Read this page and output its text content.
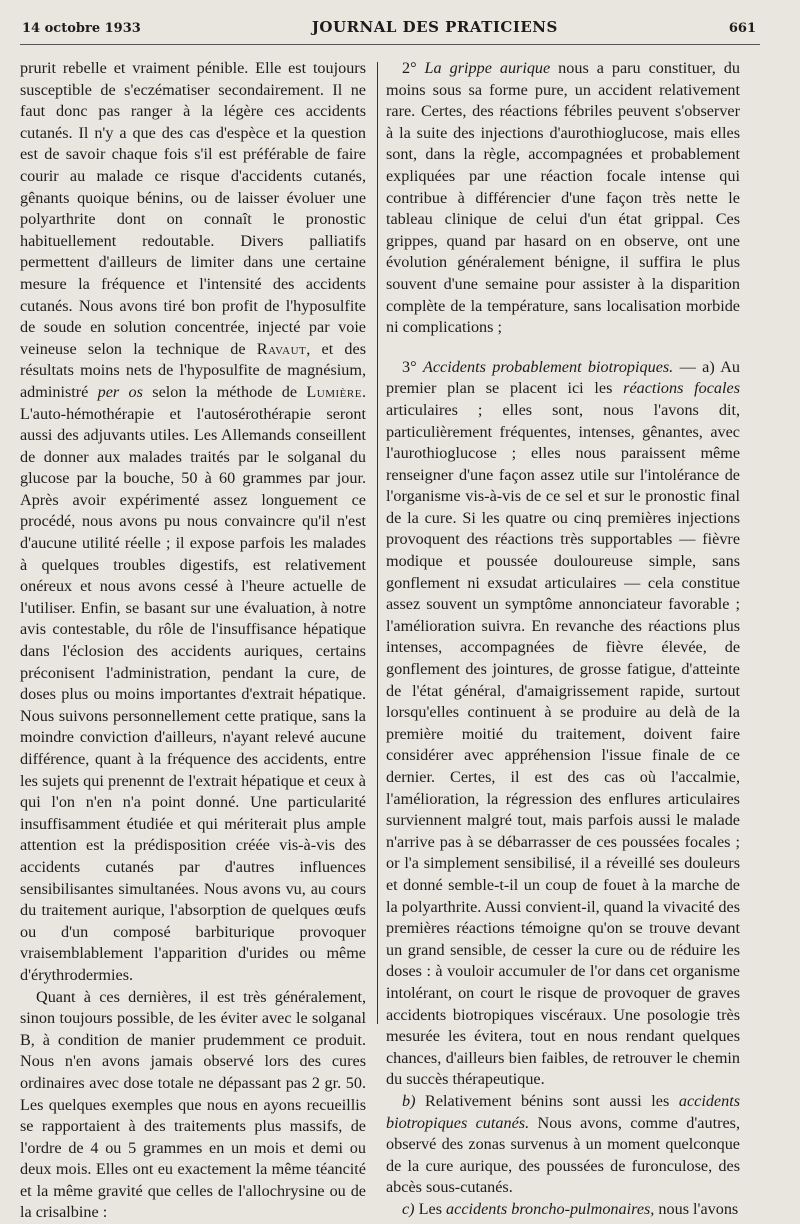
14 octobre 1933	JOURNAL DES PRATICIENS	661

prurit rebelle et vraiment pénible. Elle est toujours susceptible de s'eczématiser secondairement. Il ne faut donc pas ranger à la légère ces accidents cutanés. Il n'y a que des cas d'espèce et la question est de savoir chaque fois s'il est préférable de faire courir au malade ce risque d'accidents cutanés, gênants quoique bénins, ou de laisser évoluer une polyarthrite dont on connaît le pronostic habituellement redoutable. Divers palliatifs permettent d'ailleurs de limiter dans une certaine mesure la fréquence et l'intensité des accidents cutanés. Nous avons tiré bon profit de l'hyposulfite de soude en solution concentrée, injecté par voie veineuse selon la technique de Ravaut, et des résultats moins nets de l'hyposulfite de magnésium, administré per os selon la méthode de Lumière. L'auto-hémothérapie et l'autosérothérapie seront aussi des adjuvants utiles. Les Allemands conseillent de donner aux malades traités par le solganal du glucose par la bouche, 50 à 60 grammes par jour. Après avoir expérimenté assez longuement ce procédé, nous avons pu nous convaincre qu'il n'est d'aucune utilité réelle ; il expose parfois les malades à quelques troubles digestifs, est relativement onéreux et nous avons cessé à l'heure actuelle de l'utiliser. Enfin, se basant sur une évaluation, à notre avis contestable, du rôle de l'insuffisance hépatique dans l'éclosion des accidents auriques, certains préconisent l'administration, pendant la cure, de doses plus ou moins importantes d'extrait hépatique. Nous suivons personnellement cette pratique, sans la moindre conviction d'ailleurs, n'ayant relevé aucune différence, quant à la fréquence des accidents, entre les sujets qui prenennt de l'extrait hépatique et ceux à qui l'on n'en n'a point donné. Une particularité insuffisamment étudiée et qui mériterait plus ample attention est la prédisposition créée vis-à-vis des accidents cutanés par d'autres influences sensibilisantes simultanées. Nous avons vu, au cours du traitement aurique, l'absorption de quelques œufs ou d'un composé barbiturique provoquer vraisemblablement l'apparition d'urides ou même d'érythrodermies.

Quant à ces dernières, il est très généralement, sinon toujours possible, de les éviter avec le solganal B, à condition de manier prudemment ce produit. Nous n'en avons jamais observé lors des cures ordinaires avec dose totale ne dépassant pas 2 gr. 50. Les quelques exemples que nous en ayons recueillis se rapportaient à des traitements plus massifs, de l'ordre de 4 ou 5 grammes en un mois et demi ou deux mois. Elles ont eu exactement la même téancité et la même gravité que celles de l'allochrysine ou de la crisalbine :

2° La grippe aurique nous a paru constituer, du moins sous sa forme pure, un accident relativement rare. Certes, des réactions fébriles peuvent s'observer à la suite des injections d'aurothioglucose, mais elles sont, dans la règle, accompagnées et probablement expliquées par une réaction focale intense qui contribue à différencier d'une façon très nette le tableau clinique de celui d'un état grippal. Ces grippes, quand par hasard on en observe, ont une évolution généralement bénigne, il suffira le plus souvent d'une semaine pour assister à la disparition complète de la température, sans localisation morbide ni complications ;

3° Accidents probablement biotropiques. — a) Au premier plan se placent ici les réactions focales articulaires ; elles sont, nous l'avons dit, particulièrement fréquentes, intenses, gênantes, avec l'aurothioglucose ; elles nous paraissent même renseigner d'une façon assez utile sur l'intolérance de l'organisme vis-à-vis de ce sel et sur le pronostic final de la cure. Si les quatre ou cinq premières injections provoquent des réactions très supportables — fièvre modique et poussée douloureuse simple, sans gonflement ni exsudat articulaires — cela constitue assez souvent un symptôme annonciateur favorable ; l'amélioration suivra. En revanche des réactions plus intenses, accompagnées de fièvre élevée, de gonflement des jointures, de grosse fatigue, d'atteinte de l'état général, d'amaigrissement rapide, surtout lorsqu'elles continuent à se produire au delà de la première moitié du traitement, doivent faire considérer avec appréhension l'issue finale de ce dernier. Certes, il est des cas où l'accalmie, l'amélioration, la régression des enflures articulaires surviennent malgré tout, mais parfois aussi le malade n'arrive pas à se débarrasser de ces poussées focales ; or l'a simplement sensibilisé, il a réveillé ses douleurs et donné semble-t-il un coup de fouet à la marche de la polyarthrite. Aussi convient-il, quand la vivacité des premières réactions témoigne qu'on se trouve devant un grand sensible, de cesser la cure ou de réduire les doses : à vouloir accumuler de l'or dans cet organisme intolérant, on court le risque de provoquer de graves accidents biotropiques viscéraux. Une posologie très mesurée les évitera, tout en nous rendant quelques chances, d'ailleurs bien faibles, de retrouver le chemin du succès thérapeutique.

b) Relativement bénins sont aussi les accidents biotropiques cutanés. Nous avons, comme d'autres, observé des zonas survenus à un moment quelconque de la cure aurique, des poussées de furonculose, des abcès sous-cutanés.

c) Les accidents broncho-pulmonaires, nous l'avons
